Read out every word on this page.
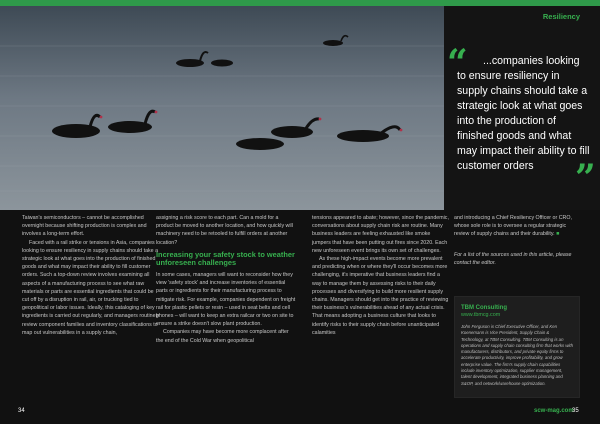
Resiliency
“	...companies looking
to ensure resiliency in supply chains should take a strategic look at what goes into the production of finished goods and what may impact their ability to fill customer orders	”

Taiwan's semiconductors – cannot be accomplished overnight because shifting production is complex and involves a long-term effort.

Faced with a rail strike or tensions in Asia, companies looking to ensure resiliency in supply chains should take a strategic look at what goes into the production of finished goods and what may impact their ability to fill customer orders. Such a top-down review involves examining all aspects of a manufacturing process to see what raw materials or parts are essential ingredients that could be cut off by a disruption in rail, air, or trucking tied to geopolitical or labor issues. Ideally, this cataloging of key ingredients is carried out regularly, and managers routinely review component families and inventory classifications to map out vulnerabilities in a supply chain,

assigning a risk score to each part. Can a mold for a product be moved to another location, and how quickly will machinery need to be retooled to fulfill orders at another location?

Increasing your safety stock to weather unforeseen challenges

In some cases, managers will want to reconsider how they view 'safety stock' and increase inventories of essential parts or ingredients for their manufacturing process to mitigate risk. For example, companies dependent on freight rail for plastic pellets or resin – used in seat belts and cell phones – will want to keep an extra railcar or two on site to ensure a strike doesn't slow plant production.

Companies may have become more complacent after the end of the Cold War when geopolitical

tensions appeared to abate; however, since the pandemic, conversations about supply chain risk are routine. Many business leaders are feeling exhausted like smoke jumpers that have been putting out fires since 2020. Each new unforeseen event brings its own set of challenges.

As these high-impact events become more prevalent and predicting when or where they'll occur becomes more challenging, it's imperative that business leaders find a way to manage them by assessing risks to their daily processes and diversifying to build more resilient supply chains. Managers should get into the practice of reviewing their business's vulnerabilities ahead of any actual crisis. That means adopting a business culture that looks to identify risks to their supply chain before unanticipated calamities

and introducing a Chief Resiliency Officer or CRO, whose sole role is to oversee a regular strategic review of supply chains and their durability. ■

For a list of the sources used in this article, please contact the editor.

TBM Consulting
www.tbmcg.com
John Ferguson is Chief Executive Officer, and Ken Koenemann is Vice President, Supply Chain & Technology, at TBM Consulting. TBM Consulting is an operations and supply chain consulting firm that works with manufacturers, distributors, and private equity firms to accelerate productivity, improve profitability, and grow enterprise value. The firm's supply chain capabilities include inventory optimization, supplier management, talent development, integrated business planning and S&OP, and network/warehouse optimization.
34	scw-mag.com
35
